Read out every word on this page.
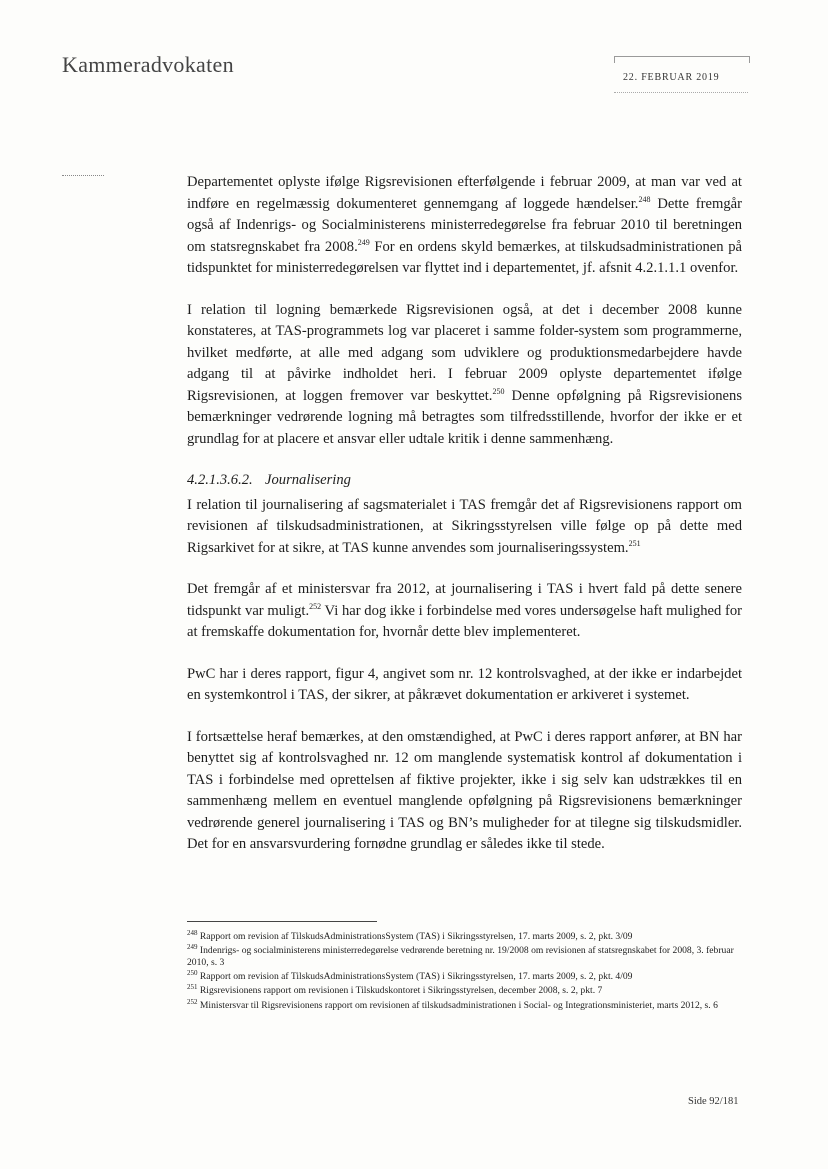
Kammeradvokaten
22. FEBRUAR 2019

Departementet oplyste ifølge Rigsrevisionen efterfølgende i februar 2009, at man var ved at indføre en regelmæssig dokumenteret gennemgang af loggede hændelser.$^{248}$ Dette fremgår også af Indenrigs- og Socialministerens ministerredegørelse fra februar 2010 til beretningen om statsregnskabet fra 2008.$^{249}$ For en ordens skyld bemærkes, at tilskudsadministrationen på tidspunktet for ministerredegørelsen var flyttet ind i departementet, jf. afsnit 4.2.1.1.1 ovenfor.

I relation til logning bemærkede Rigsrevisionen også, at det i december 2008 kunne konstateres, at TAS-programmets log var placeret i samme folder-system som programmerne, hvilket medførte, at alle med adgang som udviklere og produktionsmedarbejdere havde adgang til at påvirke indholdet heri. I februar 2009 oplyste departementet ifølge Rigsrevisionen, at loggen fremover var beskyttet.$^{250}$ Denne opfølgning på Rigsrevisionens bemærkninger vedrørende logning må betragtes som tilfredsstillende, hvorfor der ikke er et grundlag for at placere et ansvar eller udtale kritik i denne sammenhæng.

4.2.1.3.6.2. Journalisering

I relation til journalisering af sagsmaterialet i TAS fremgår det af Rigsrevisionens rapport om revisionen af tilskudsadministrationen, at Sikringsstyrelsen ville følge op på dette med Rigsarkivet for at sikre, at TAS kunne anvendes som journaliseringssystem.$^{251}$

Det fremgår af et ministersvar fra 2012, at journalisering i TAS i hvert fald på dette senere tidspunkt var muligt.$^{252}$ Vi har dog ikke i forbindelse med vores undersøgelse haft mulighed for at fremskaffe dokumentation for, hvornår dette blev implementeret.

PwC har i deres rapport, figur 4, angivet som nr. 12 kontrolsvaghed, at der ikke er indarbejdet en systemkontrol i TAS, der sikrer, at påkrævet dokumentation er arkiveret i systemet.

I fortsættelse heraf bemærkes, at den omstændighed, at PwC i deres rapport anfører, at BN har benyttet sig af kontrolsvaghed nr. 12 om manglende systematisk kontrol af dokumentation i TAS i forbindelse med oprettelsen af fiktive projekter, ikke i sig selv kan udstrækkes til en sammenhæng mellem en eventuel manglende opfølgning på Rigsrevisionens bemærkninger vedrørende generel journalisering i TAS og BN’s muligheder for at tilegne sig tilskudsmidler. Det for en ansvarsvurdering fornødne grundlag er således ikke til stede.

$^{248}$ Rapport om revision af TilskudsAdministrationsSystem (TAS) i Sikringsstyrelsen, 17. marts 2009, s. 2, pkt. 3/09
$^{249}$ Indenrigs- og socialministerens ministerredegørelse vedrørende beretning nr. 19/2008 om revisionen af statsregnskabet for 2008, 3. februar 2010, s. 3
$^{250}$ Rapport om revision af TilskudsAdministrationsSystem (TAS) i Sikringsstyrelsen, 17. marts 2009, s. 2, pkt. 4/09
$^{251}$ Rigsrevisionens rapport om revisionen i Tilskudskontoret i Sikringsstyrelsen, december 2008, s. 2, pkt. 7
$^{252}$ Ministersvar til Rigsrevisionens rapport om revisionen af tilskudsadministrationen i Social- og Integrationsministeriet, marts 2012, s. 6
Side 92/181
